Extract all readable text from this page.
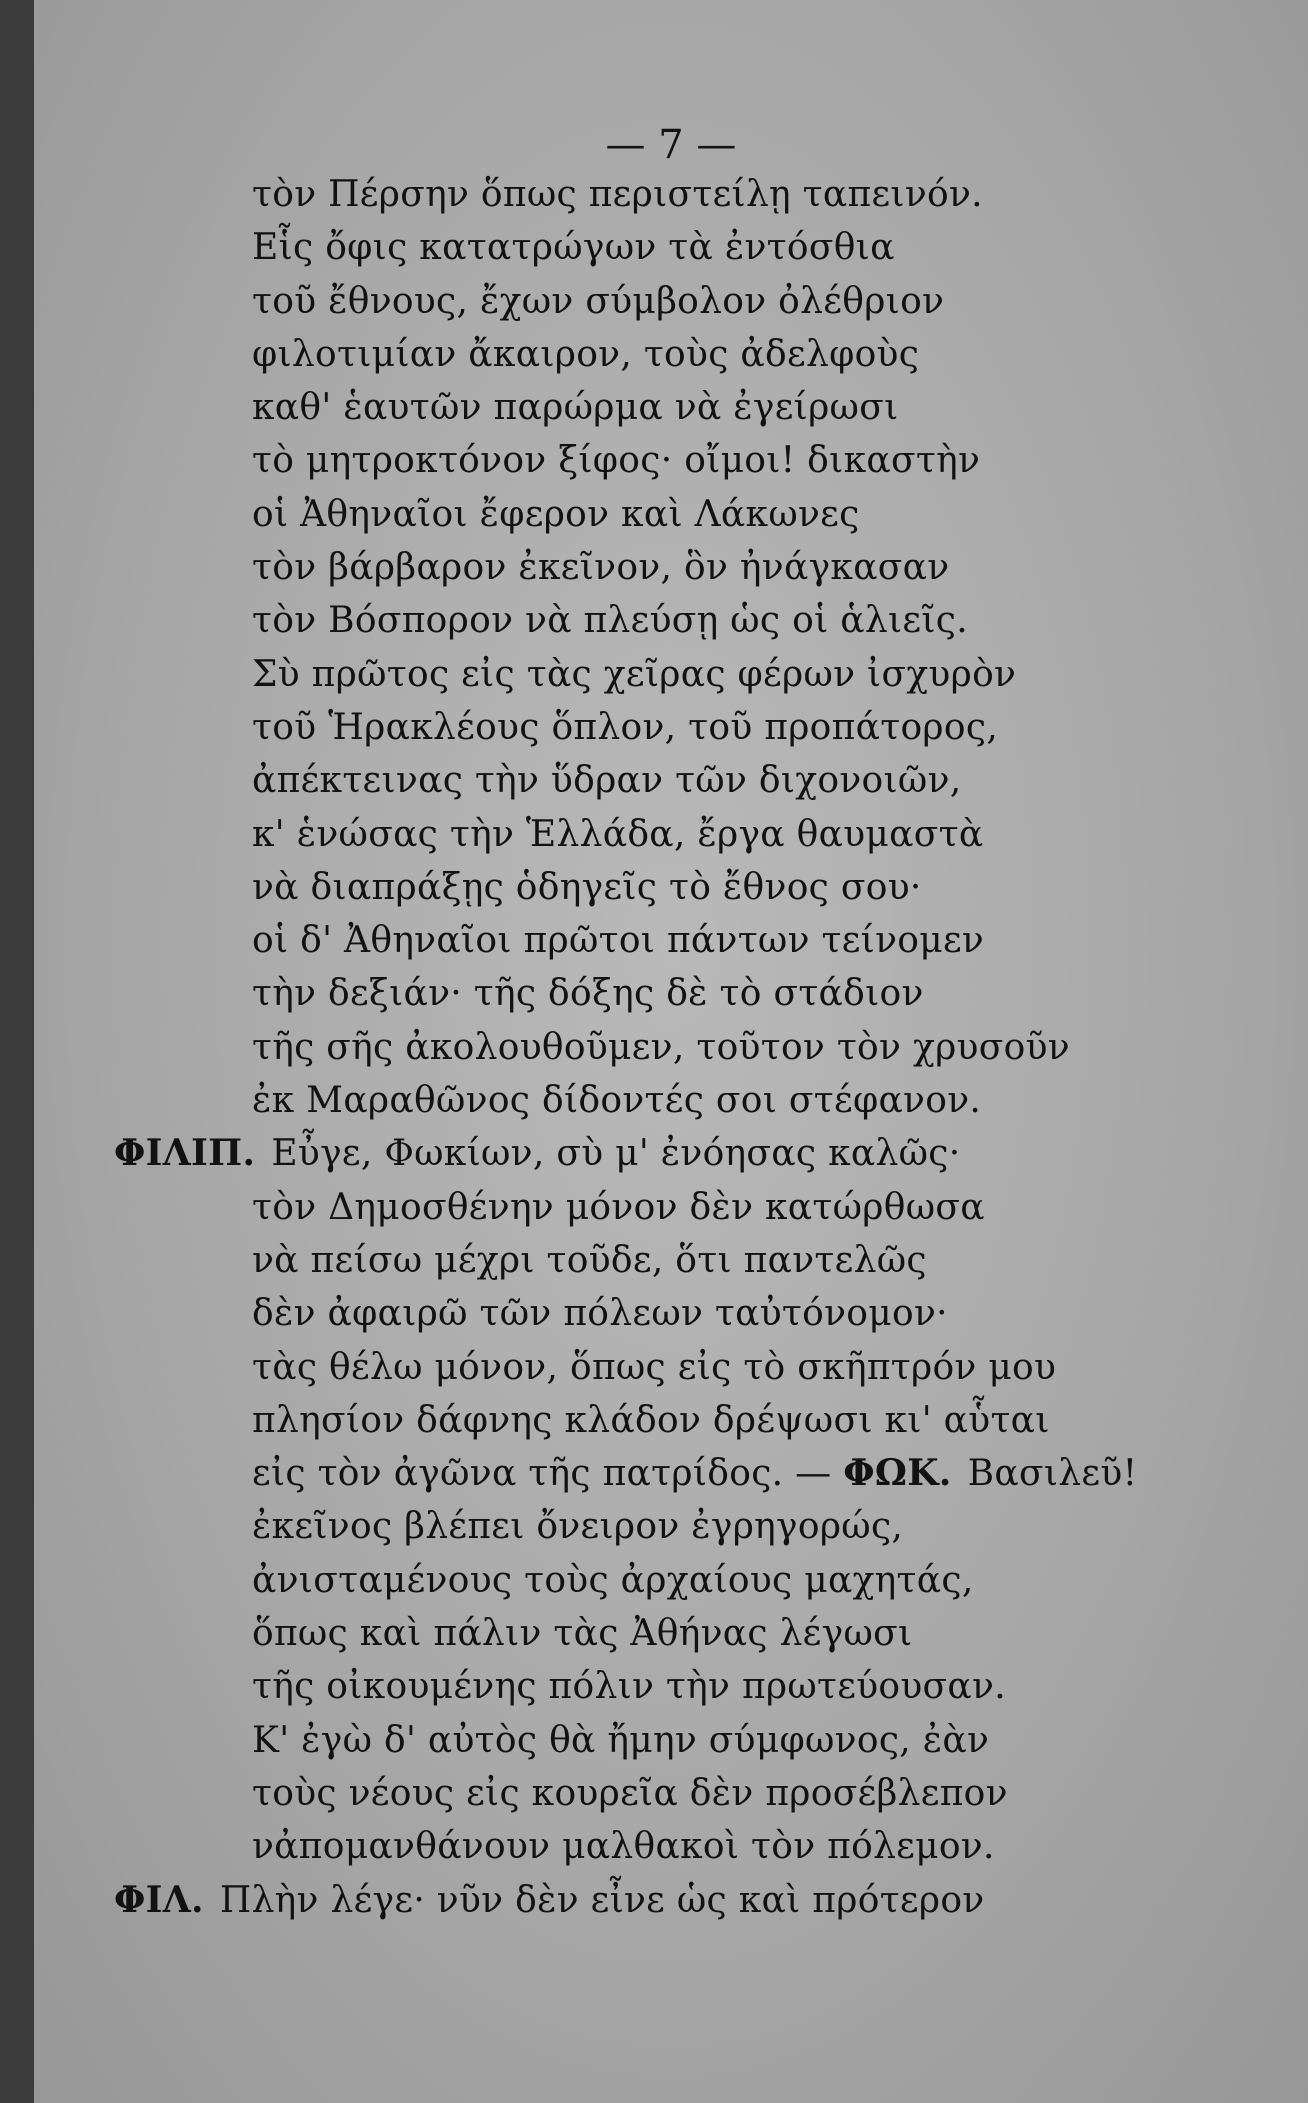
— 7 —
τὸν Πέρσην ὅπως περιστείλῃ ταπεινόν.
Εἷς ὄφις κατατρώγων τὰ ἐντόσθια
τοῦ ἔθνους, ἔχων σύμβολον ὀλέθριον
φιλοτιμίαν ἄκαιρον, τοὺς ἀδελφοὺς
καθ' ἑαυτῶν παρώρμα νὰ ἐγείρωσι
τὸ μητροκτόνον ξίφος· οἴμοι! δικαστὴν
οἱ Ἀθηναῖοι ἔφερον καὶ Λάκωνες
τὸν βάρβαρον ἐκεῖνον, ὃν ἠνάγκασαν
τὸν Βόσπορον νὰ πλεύσῃ ὡς οἱ ἁλιεῖς.
Σὺ πρῶτος εἰς τὰς χεῖρας φέρων ἰσχυρὸν
τοῦ Ἡρακλέους ὅπλον, τοῦ προπάτορος,
ἀπέκτεινας τὴν ὕδραν τῶν διχονοιῶν,
κ' ἑνώσας τὴν Ἑλλάδα, ἔργα θαυμαστὰ
νὰ διαπράξῃς ὁδηγεῖς τὸ ἔθνος σου·
οἱ δ' Ἀθηναῖοι πρῶτοι πάντων τείνομεν
τὴν δεξιάν· τῆς δόξης δὲ τὸ στάδιον
τῆς σῆς ἀκολουθοῦμεν, τοῦτον τὸν χρυσοῦν
ἐκ Μαραθῶνος δίδοντές σοι στέφανον.
ΦΙΛΙΠ. Εὖγε, Φωκίων, σὺ μ' ἐνόησας καλῶς·
τὸν Δημοσθένην μόνον δὲν κατώρθωσα
νὰ πείσω μέχρι τοῦδε, ὅτι παντελῶς
δὲν ἀφαιρῶ τῶν πόλεων ταὐτόνομον·
τὰς θέλω μόνον, ὅπως εἰς τὸ σκῆπτρόν μου
πλησίον δάφνης κλάδον δρέψωσι κι' αὗται
εἰς τὸν ἀγῶνα τῆς πατρίδος. — ΦΩΚ. Βασιλεῦ!
ἐκεῖνος βλέπει ὄνειρον ἐγρηγορώς,
ἀνισταμένους τοὺς ἀρχαίους μαχητάς,
ὅπως καὶ πάλιν τὰς Ἀθήνας λέγωσι
τῆς οἰκουμένης πόλιν τὴν πρωτεύουσαν.
Κ' ἐγὼ δ' αὐτὸς θὰ ἤμην σύμφωνος, ἐὰν
τοὺς νέους εἰς κουρεῖα δὲν προσέβλεπον
νἀπομανθάνουν μαλθακοὶ τὸν πόλεμον.
ΦΙΛ. Πλὴν λέγε· νῦν δὲν εἶνε ὡς καὶ πρότερον
